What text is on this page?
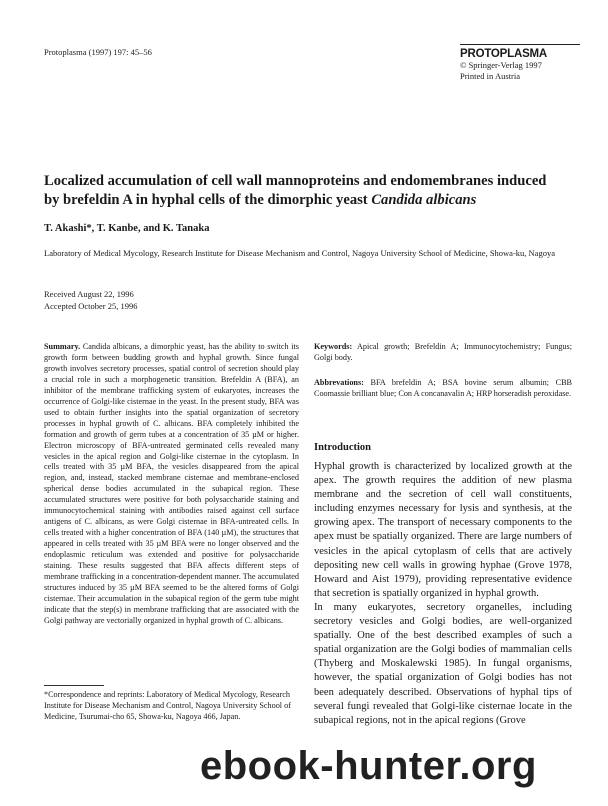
Protoplasma (1997) 197: 45–56	PROTOPLASMA
© Springer-Verlag 1997
Printed in Austria
Localized accumulation of cell wall mannoproteins and endomembranes induced by brefeldin A in hyphal cells of the dimorphic yeast Candida albicans
T. Akashi*, T. Kanbe, and K. Tanaka
Laboratory of Medical Mycology, Research Institute for Disease Mechanism and Control, Nagoya University School of Medicine, Showa-ku, Nagoya
Received August 22, 1996
Accepted October 25, 1996
Summary. Candida albicans, a dimorphic yeast, has the ability to switch its growth form between budding growth and hyphal growth. Since fungal growth involves secretory processes, spatial control of secretion should play a crucial role in such a morphogenetic transition. Brefeldin A (BFA), an inhibitor of the membrane trafficking system of eukaryotes, increases the occurrence of Golgi-like cisternae in the yeast. In the present study, BFA was used to obtain further insights into the spatial organization of secretory processes in hyphal growth of C. albicans. BFA completely inhibited the formation and growth of germ tubes at a concentration of 35 µM or higher. Electron microscopy of BFA-untreated germinated cells revealed many vesicles in the apical region and Golgi-like cisternae in the cytoplasm. In cells treated with 35 µM BFA, the vesicles disappeared from the apical region, and, instead, stacked membrane cisternae and membrane-enclosed spherical dense bodies accumulated in the subapical region. These accumulated structures were positive for both polysaccharide staining and immunocytochemical staining with antibodies raised against cell surface antigens of C. albicans, as were Golgi cisternae in BFA-untreated cells. In cells treated with a higher concentration of BFA (140 µM), the structures that appeared in cells treated with 35 µM BFA were no longer observed and the endoplasmic reticulum was extended and positive for polysaccharide staining. These results suggested that BFA affects different steps of membrane trafficking in a concentration-dependent manner. The accumulated structures induced by 35 µM BFA seemed to be the altered forms of Golgi cisternae. Their accumulation in the subapical region of the germ tube might indicate that the step(s) in membrane trafficking that are associated with the Golgi pathway are vectorially organized in hyphal growth of C. albicans.
Keywords: Apical growth; Brefeldin A; Immunocytochemistry; Fungus; Golgi body.
Abbrevations: BFA brefeldin A; BSA bovine serum albumin; CBB Coomassie brilliant blue; Con A concanavalin A; HRP horseradish peroxidase.
Introduction

Hyphal growth is characterized by localized growth at the apex. The growth requires the addition of new plasma membrane and the secretion of cell wall constituents, including enzymes necessary for lysis and synthesis, at the growing apex. The transport of necessary components to the apex must be spatially organized. There are large numbers of vesicles in the apical cytoplasm of cells that are actively depositing new cell walls in growing hyphae (Grove 1978, Howard and Aist 1979), providing representative evidence that secretion is spatially organized in hyphal growth.

In many eukaryotes, secretory organelles, including secretory vesicles and Golgi bodies, are well-organized spatially. One of the best described examples of such a spatial organization are the Golgi bodies of mammalian cells (Thyberg and Moskalewski 1985). In fungal organisms, however, the spatial organization of Golgi bodies has not been adequately described. Observations of hyphal tips of several fungi revealed that Golgi-like cisternae locate in the subapical regions, not in the apical regions (Grove

*Correspondence and reprints: Laboratory of Medical Mycology, Research Institute for Disease Mechanism and Control, Nagoya University School of Medicine, Tsurumai-cho 65, Showa-ku, Nagoya 466, Japan.
ebook-hunter.org
